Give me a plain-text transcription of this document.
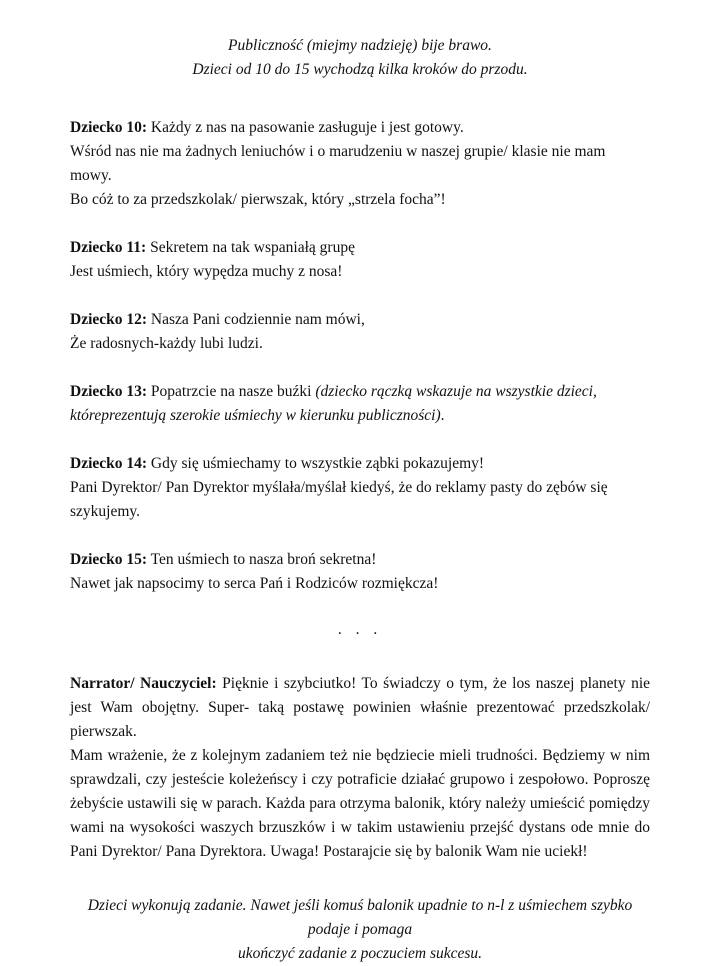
Publiczność (miejmy nadzieję) bije brawo.
Dzieci od 10 do 15 wychodzą kilka kroków do przodu.

Dziecko 10: Każdy z nas na pasowanie zasługuje i jest gotowy.

Wśród nas nie ma żadnych leniuchów i o marudzeniu w naszej grupie/ klasie nie mam mowy.

Bo cóż to za przedszkolak/ pierwszak, który „strzela focha”!

Dziecko 11: Sekretem na tak wspaniałą grupę

Jest uśmiech, który wypędza muchy z nosa!

Dziecko 12: Nasza Pani codziennie nam mówi,

Że radosnych-każdy lubi ludzi.

Dziecko 13: Popatrzcie na nasze buźki (dziecko rączką wskazuje na wszystkie dzieci, któreprezentują szerokie uśmiechy w kierunku publiczności).

Dziecko 14: Gdy się uśmiechamy to wszystkie ząbki pokazujemy!

Pani Dyrektor/ Pan Dyrektor myślała/myślał kiedyś, że do reklamy pasty do zębów się szykujemy.

Dziecko 15: Ten uśmiech to nasza broń sekretna!

Nawet jak napsocimy to serca Pań i Rodziców rozmiękcza!

. . .

Narrator/ Nauczyciel: Pięknie i szybciutko! To świadczy o tym, że los naszej planety nie jest Wam obojętny. Super- taką postawę powinien właśnie prezentować przedszkolak/ pierwszak.

Mam wrażenie, że z kolejnym zadaniem też nie będziecie mieli trudności. Będziemy w nim sprawdzali, czy jesteście koleżeńscy i czy potraficie działać grupowo i zespołowo. Poproszę żebyście ustawili się w parach. Każda para otrzyma balonik, który należy umieścić pomiędzy wami na wysokości waszych brzuszków i w takim ustawieniu przejść dystans ode mnie do Pani Dyrektor/ Pana Dyrektora. Uwaga! Postarajcie się by balonik Wam nie uciekł!

Dzieci wykonują zadanie. Nawet jeśli komuś balonik upadnie to n-l z uśmiechem szybko podaje i pomaga
ukończyć zadanie z poczuciem sukcesu.
